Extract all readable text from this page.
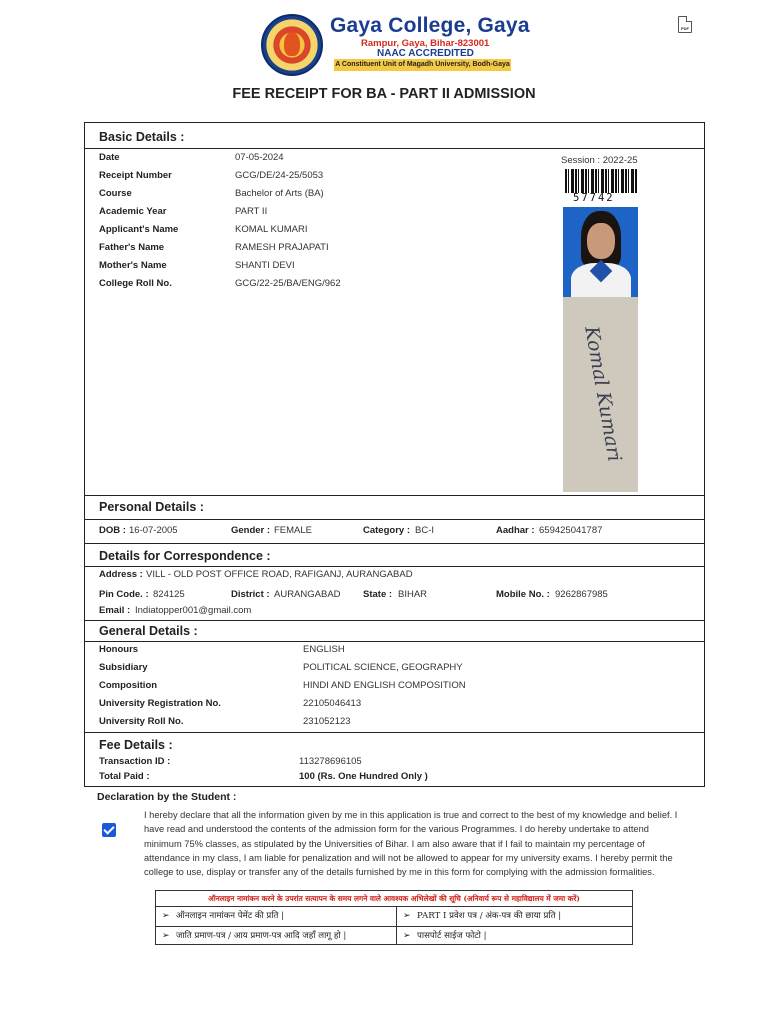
Gaya College, Gaya
Rampur, Gaya, Bihar-823001
NAAC ACCREDITED
A Constituent Unit of Magadh University, Bodh-Gaya
PDF
FEE RECEIPT FOR BA - PART II ADMISSION
Basic Details :
Date	07-05-2024
Receipt Number	GCG/DE/24-25/5053
Course	Bachelor of Arts (BA)
Academic Year	PART II
Applicant's Name	KOMAL KUMARI
Father's Name	RAMESH PRAJAPATI
Mother's Name	SHANTI DEVI
College Roll No.	GCG/22-25/BA/ENG/962
Session : 2022-25
57742
Komal Kumari
Personal Details :
DOB : 16-07-2005	Gender : FEMALE	Category : BC-I	Aadhar : 659425041787
Details for Correspondence :
Address : VILL - OLD POST OFFICE ROAD, RAFIGANJ, AURANGABAD
Pin Code. : 824125	District : AURANGABAD State : BIHAR	Mobile No. : 9262867985
Email : Indiatopper001@gmail.com
General Details :
Honours	ENGLISH
Subsidiary	POLITICAL SCIENCE, GEOGRAPHY
Composition	HINDI AND ENGLISH COMPOSITION
University Registration No.	22105046413
University Roll No.	231052123
Fee Details :
Transaction ID :	113278696105
Total Paid :	100 (Rs. One Hundred Only )
Declaration by the Student :
I hereby declare that all the information given by me in this application is true and correct to the best of my knowledge and belief. I have read and understood the contents of the admission form for the various Programmes. I do hereby undertake to attend minimum 75% classes, as stipulated by the Universities of Bihar. I am also aware that if I fail to maintain my percentage of attendance in my class, I am liable for penalization and will not be allowed to appear for my university exams. I hereby permit the college to use, display or transfer any of the details furnished by me in this form for complying with the admission formalities.
ऑनलाइन नामांकन करने के उपरांत सत्यापन के समय लगने वाले आवश्यक अभिलेखों की सूचि (अनिवार्य रूप से महाविद्यालय में जमा करें)
➢ ऑनलाइन नामांकन पेमेंट की प्रति |	➢ PART I प्रवेश पत्र / अंक-पत्र की छाया प्रति |
➢ जाति प्रमाण-पत्र / आय प्रमाण-पत्र आदि जहाँ लागू हो |	➢ पासपोर्ट साईज फोटो |
